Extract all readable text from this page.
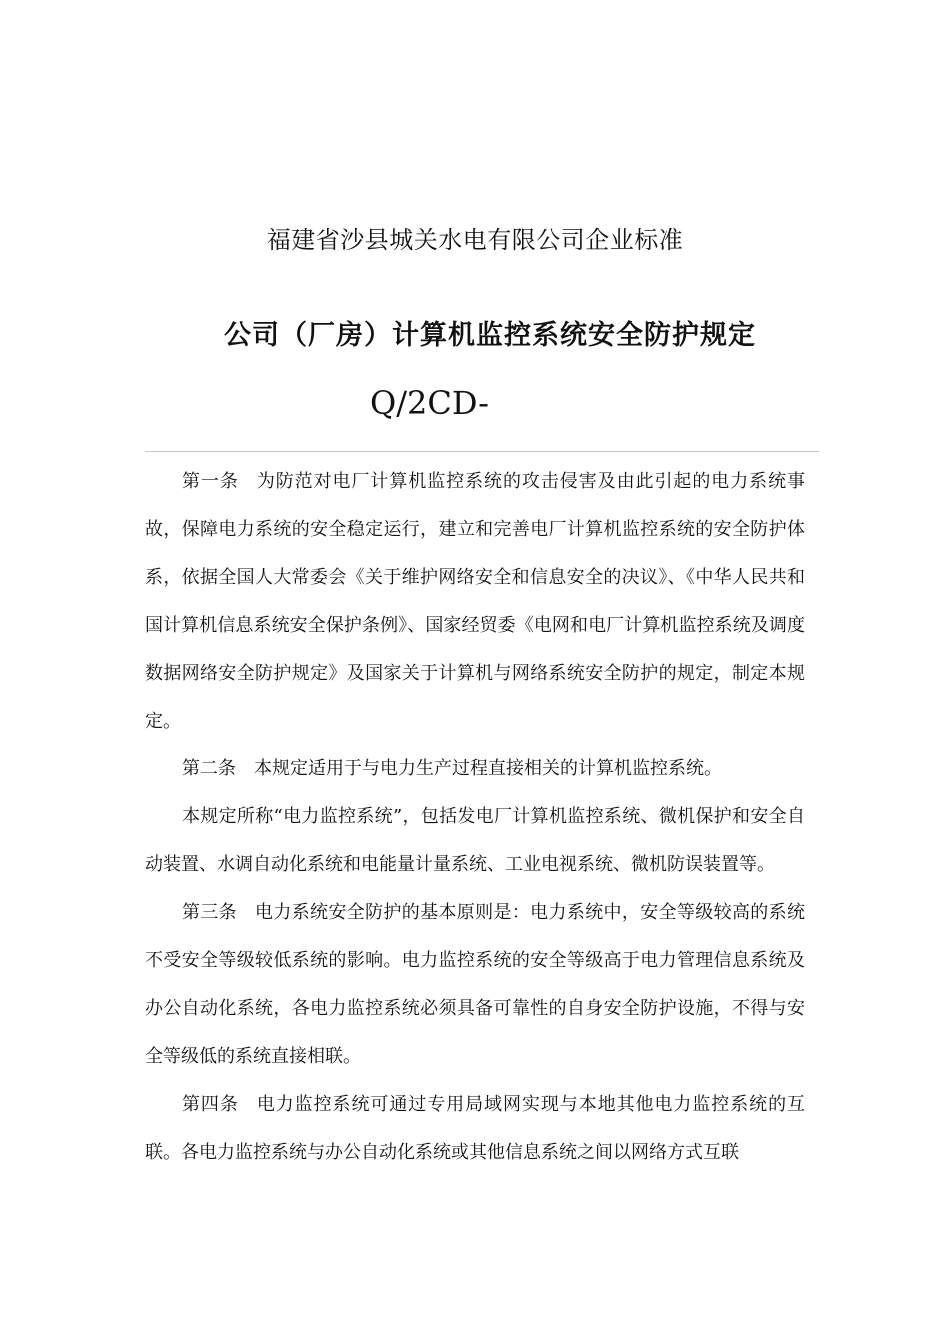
福建省沙县城关水电有限公司企业标准
公司（厂房）计算机监控系统安全防护规定
Q/2CD-

第一条 为防范对电厂计算机监控系统的攻击侵害及由此引起的电力系统事故，保障电力系统的安全稳定运行，建立和完善电厂计算机监控系统的安全防护体系，依据全国人大常委会《关于维护网络安全和信息安全的决议》、《中华人民共和国计算机信息系统安全保护条例》、国家经贸委《电网和电厂计算机监控系统及调度数据网络安全防护规定》及国家关于计算机与网络系统安全防护的规定，制定本规定。

第二条 本规定适用于与电力生产过程直接相关的计算机监控系统。

本规定所称“电力监控系统”，包括发电厂计算机监控系统、微机保护和安全自动装置、水调自动化系统和电能量计量系统、工业电视系统、微机防误装置等。

第三条 电力系统安全防护的基本原则是：电力系统中，安全等级较高的系统不受安全等级较低系统的影响。电力监控系统的安全等级高于电力管理信息系统及办公自动化系统，各电力监控系统必须具备可靠性的自身安全防护设施，不得与安全等级低的系统直接相联。

第四条 电力监控系统可通过专用局域网实现与本地其他电力监控系统的互联。各电力监控系统与办公自动化系统或其他信息系统之间以网络方式互联
